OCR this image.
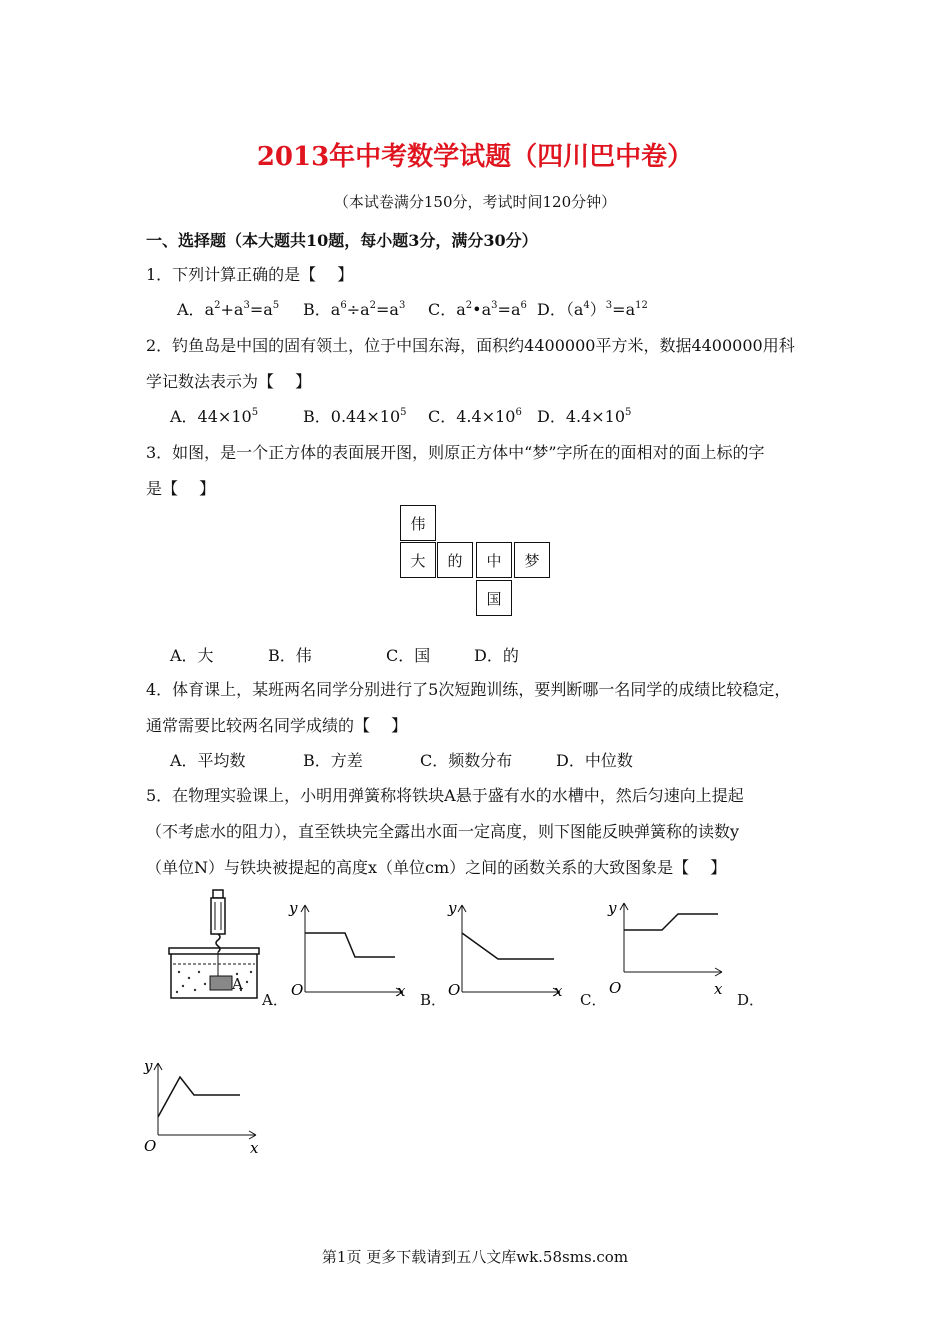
2013年中考数学试题（四川巴中卷）
（本试卷满分150分，考试时间120分钟）
一、选择题（本大题共10题，每小题3分，满分30分）
1．下列计算正确的是【　 】
A．$a^2+a^3=a^5$ B．$a^6\div a^2=a^3$ C．$a^2•a^3=a^6$ D．$(a^4)^3=a^{12}$
2．钓鱼岛是中国的固有领土，位于中国东海，面积约4400000平方米，数据4400000用科
学记数法表示为【　 】
A．$44\times 10^5$	B．$0.44\times 10^5$ C．$4.4\times 10^6$ D．$4.4\times 10^5$
3．如图，是一个正方体的表面展开图，则原正方体中“梦”字所在的面相对的面上标的字
是【　 】
伟
大	的	中	梦
国
A．大	B．伟	C．国	D．的
4．体育课上，某班两名同学分别进行了5次短跑训练，要判断哪一名同学的成绩比较稳定，
通常需要比较两名同学成绩的【　 】
A．平均数	B．方差	C．频数分布	D．中位数
5．在物理实验课上，小明用弹簧称将铁块A悬于盛有水的水槽中，然后匀速向上提起
（不考虑水的阻力），直至铁块完全露出水面一定高度，则下图能反映弹簧称的读数y
（单位N）与铁块被提起的高度x（单位cm）之间的函数关系的大致图象是【　 】
A
y
O	x
A．
y
O	x
B．
y
O	x
C．	D．
y
O	x
第1页 更多下载请到五八文库wk.58sms.com
